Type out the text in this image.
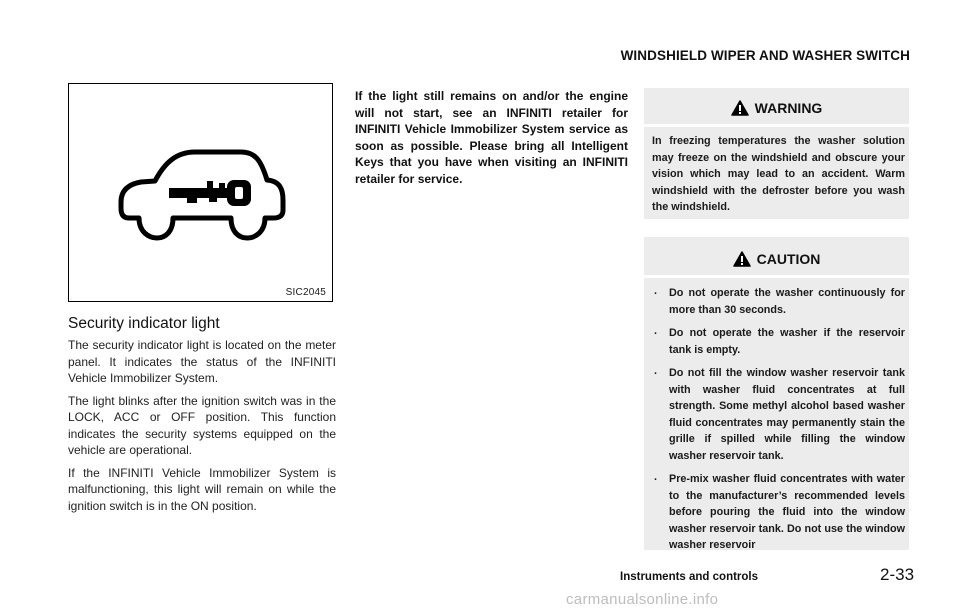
WINDSHIELD WIPER AND WASHER SWITCH
SIC2045
Security indicator light

The security indicator light is located on the meter panel. It indicates the status of the INFINITI Vehicle Immobilizer System.

The light blinks after the ignition switch was in the LOCK, ACC or OFF position. This function indicates the security systems equipped on the vehicle are operational.

If the INFINITI Vehicle Immobilizer System is malfunctioning, this light will remain on while the ignition switch is in the ON position.

If the light still remains on and/or the engine will not start, see an INFINITI retailer for INFINITI Vehicle Immobilizer System service as soon as possible. Please bring all Intelligent Keys that you have when visiting an INFINITI retailer for service.
WARNING
In freezing temperatures the washer solution may freeze on the windshield and obscure your vision which may lead to an accident. Warm windshield with the defroster before you wash the windshield.
CAUTION
. Do not operate the washer continuously for more than 30 seconds.
. Do not operate the washer if the reservoir tank is empty.
. Do not fill the window washer reservoir tank with washer fluid concentrates at full strength. Some methyl alcohol based washer fluid concentrates may permanently stain the grille if spilled while filling the window washer reservoir tank.
. Pre-mix washer fluid concentrates with water to the manufacturer’s recommended levels before pouring the fluid into the window washer reservoir tank. Do not use the window washer reservoir
Instruments and controls	2-33
carmanualsonline.info
